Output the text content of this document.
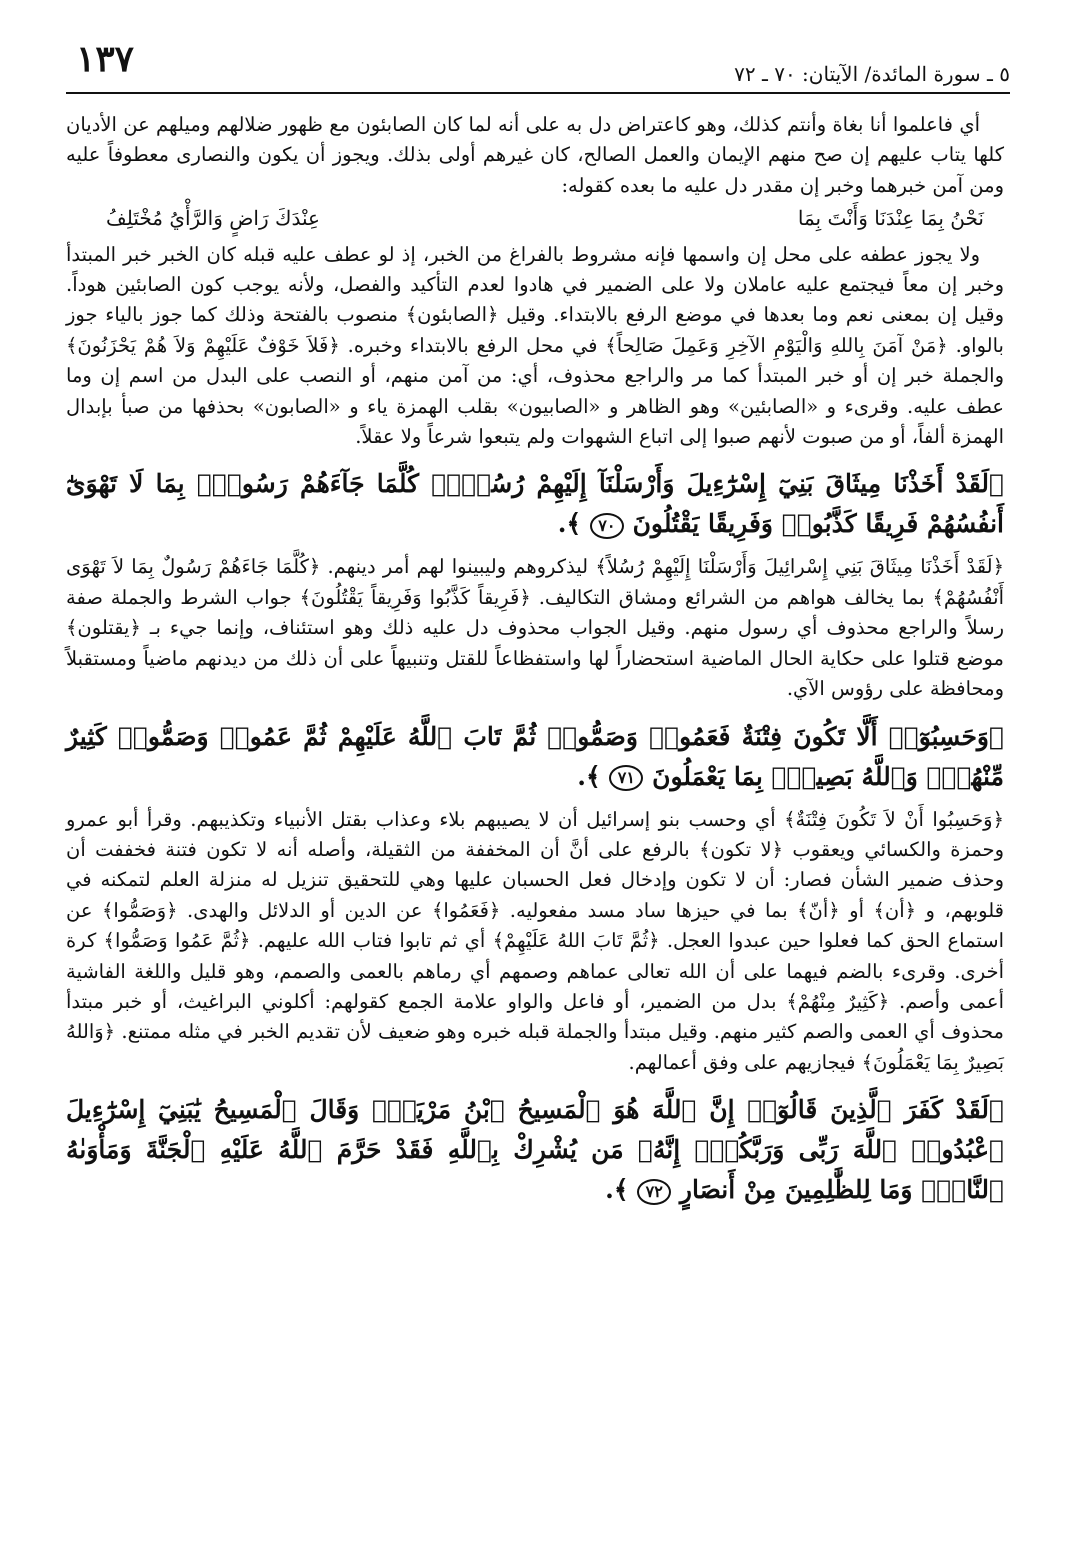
٥ ـ سورة المائدة/ الآيتان: ٧٠ ـ ٧٢
١٣٧

أي فاعلموا أنا بغاة وأنتم كذلك، وهو كاعتراض دل به على أنه لما كان الصابئون مع ظهور ضلالهم وميلهم عن الأديان كلها يتاب عليهم إن صح منهم الإيمان والعمل الصالح، كان غيرهم أولى بذلك. ويجوز أن يكون والنصارى معطوفاً عليه ومن آمن خبرهما وخبر إن مقدر دل عليه ما بعده كقوله:

نَحْنُ بِمَا عِنْدَنَا وَأَنْتَ بِمَا
عِنْدَكَ رَاضٍ وَالرَّأْيُ مُخْتَلِفُ

ولا يجوز عطفه على محل إن واسمها فإنه مشروط بالفراغ من الخبر، إذ لو عطف عليه قبله كان الخبر خبر المبتدأ وخبر إن معاً فيجتمع عليه عاملان ولا على الضمير في هادوا لعدم التأكيد والفصل، ولأنه يوجب كون الصابئين هوداً. وقيل إن بمعنى نعم وما بعدها في موضع الرفع بالابتداء. وقيل ﴿الصابئون﴾ منصوب بالفتحة وذلك كما جوز بالياء جوز بالواو. ﴿مَنْ آمَنَ بِاللهِ وَالْيَوْمِ الآخِرِ وَعَمِلَ صَالِحاً﴾ في محل الرفع بالابتداء وخبره. ﴿فَلاَ خَوْفٌ عَلَيْهِمْ وَلاَ هُمْ يَحْزَنُونَ﴾ والجملة خبر إن أو خبر المبتدأ كما مر والراجع محذوف، أي: من آمن منهم، أو النصب على البدل من اسم إن وما عطف عليه. وقرىء و «الصابئين» وهو الظاهر و «الصابيون» بقلب الهمزة ياء و «الصابون» بحذفها من صبأ بإبدال الهمزة ألفاً، أو من صبوت لأنهم صبوا إلى اتباع الشهوات ولم يتبعوا شرعاً ولا عقلاً.

﴿لَقَدْ أَخَذْنَا مِيثَاقَ بَنِيٓ إِسْرَٰٓءِيلَ وَأَرْسَلْنَآ إِلَيْهِمْ رُسُلًاۖ كُلَّمَا جَآءَهُمْ رَسُولٌۢ بِمَا لَا تَهْوَىٰٓ أَنفُسُهُمْ فَرِيقًا كَذَّبُوا۟ وَفَرِيقًا يَقْتُلُونَ ٧٠ ﴾.

﴿لَقَدْ أَخَذْنَا مِيثَاقَ بَنِي إِسْرائِيلَ وَأَرْسَلْنَا إِلَيْهِمْ رُسُلاً﴾ ليذكروهم وليبينوا لهم أمر دينهم. ﴿كُلَّمَا جَاءَهُمْ رَسُولٌ بِمَا لاَ تَهْوَى أَنْفُسُهُمْ﴾ بما يخالف هواهم من الشرائع ومشاق التكاليف. ﴿فَرِيقاً كَذَّبُوا وَفَرِيقاً يَقْتُلُونَ﴾ جواب الشرط والجملة صفة رسلاً والراجع محذوف أي رسول منهم. وقيل الجواب محذوف دل عليه ذلك وهو استئناف، وإنما جيء بـ ﴿يقتلون﴾ موضع قتلوا على حكاية الحال الماضية استحضاراً لها واستفظاعاً للقتل وتنبيهاً على أن ذلك من ديدنهم ماضياً ومستقبلاً ومحافظة على رؤوس الآي.

﴿وَحَسِبُوٓا۟ أَلَّا تَكُونَ فِتْنَةٌ فَعَمُوا۟ وَصَمُّوا۟ ثُمَّ تَابَ ٱللَّهُ عَلَيْهِمْ ثُمَّ عَمُوا۟ وَصَمُّوا۟ كَثِيرٌ مِّنْهُمْۚ وَٱللَّهُ بَصِيرٌۢ بِمَا يَعْمَلُونَ ٧١ ﴾.

﴿وَحَسِبُوا أَنْ لاَ تَكُونَ فِتْنَةٌ﴾ أي وحسب بنو إسرائيل أن لا يصيبهم بلاء وعذاب بقتل الأنبياء وتكذيبهم. وقرأ أبو عمرو وحمزة والكسائي ويعقوب ﴿لا تكون﴾ بالرفع على أنَّ أن المخففة من الثقيلة، وأصله أنه لا تكون فتنة فخففت أن وحذف ضمير الشأن فصار: أن لا تكون وإدخال فعل الحسبان عليها وهي للتحقيق تنزيل له منزلة العلم لتمكنه في قلوبهم، و ﴿أن﴾ أو ﴿أنّ﴾ بما في حيزها ساد مسد مفعوليه. ﴿فَعَمُوا﴾ عن الدين أو الدلائل والهدى. ﴿وَصَمُّوا﴾ عن استماع الحق كما فعلوا حين عبدوا العجل. ﴿ثُمَّ تَابَ اللهُ عَلَيْهِمْ﴾ أي ثم تابوا فتاب الله عليهم. ﴿ثُمَّ عَمُوا وَصَمُّوا﴾ كرة أخرى. وقرىء بالضم فيهما على أن الله تعالى عماهم وصمهم أي رماهم بالعمى والصمم، وهو قليل واللغة الفاشية أعمى وأصم. ﴿كَثِيرٌ مِنْهُمْ﴾ بدل من الضمير، أو فاعل والواو علامة الجمع كقولهم: أكلوني البراغيث، أو خبر مبتدأ محذوف أي العمى والصم كثير منهم. وقيل مبتدأ والجملة قبله خبره وهو ضعيف لأن تقديم الخبر في مثله ممتنع. ﴿وَاللهُ بَصِيرٌ بِمَا يَعْمَلُونَ﴾ فيجازيهم على وفق أعمالهم.

﴿لَقَدْ كَفَرَ ٱلَّذِينَ قَالُوٓا۟ إِنَّ ٱللَّهَ هُوَ ٱلْمَسِيحُ ٱبْنُ مَرْيَمَۖ وَقَالَ ٱلْمَسِيحُ يَٰبَنِيٓ إِسْرَٰٓءِيلَ ٱعْبُدُوا۟ ٱللَّهَ رَبِّى وَرَبَّكُمْۖ إِنَّهُۥ مَن يُشْرِكْ بِٱللَّهِ فَقَدْ حَرَّمَ ٱللَّهُ عَلَيْهِ ٱلْجَنَّةَ وَمَأْوَىٰهُ ٱلنَّارُۖ وَمَا لِلظَّٰلِمِينَ مِنْ أَنصَارٍ ٧٢ ﴾.
